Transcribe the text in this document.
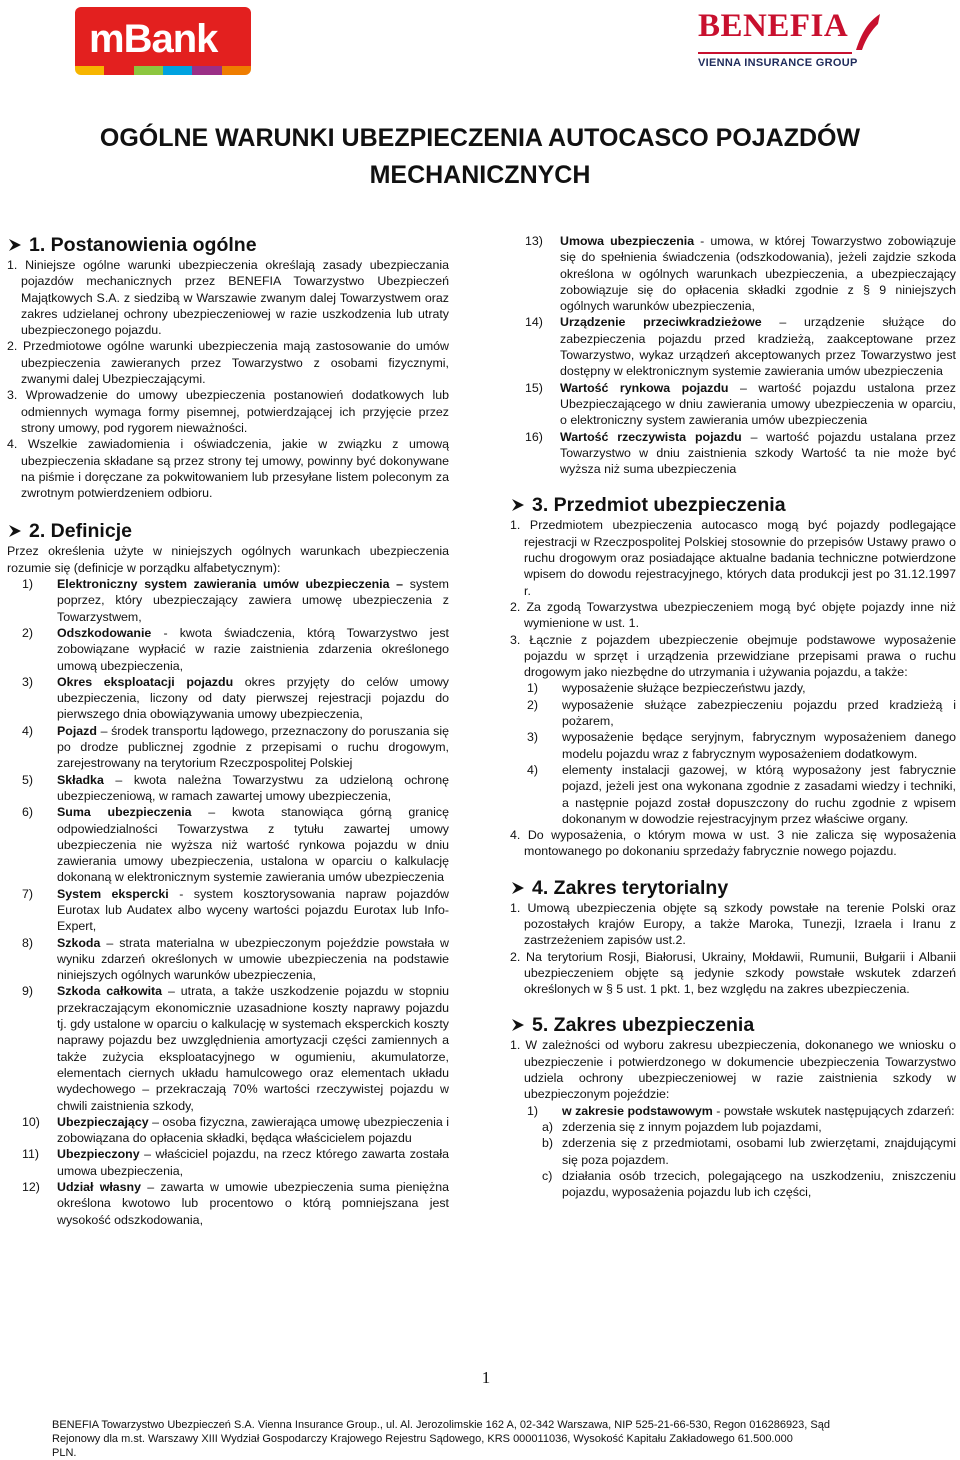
mBank	BENEFIA
VIENNA INSURANCE GROUP
OGÓLNE WARUNKI UBEZPIECZENIA AUTOCASCO POJAZDÓW
MECHANICZNYCH
1. Postanowienia ogólne

1. Niniejsze ogólne warunki ubezpieczenia określają zasady ubezpieczania pojazdów mechanicznych przez BENEFIA Towarzystwo Ubezpieczeń Majątkowych S.A. z siedzibą w Warszawie zwanym dalej Towarzystwem oraz zakres udzielanej ochrony ubezpieczeniowej w razie uszkodzenia lub utraty ubezpieczonego pojazdu.

2. Przedmiotowe ogólne warunki ubezpieczenia mają zastosowanie do umów ubezpieczenia zawieranych przez Towarzystwo z osobami fizycznymi, zwanymi dalej Ubezpieczającymi.

3. Wprowadzenie do umowy ubezpieczenia postanowień dodatkowych lub odmiennych wymaga formy pisemnej, potwierdzającej ich przyjęcie przez strony umowy, pod rygorem nieważności.

4. Wszelkie zawiadomienia i oświadczenia, jakie w związku z umową ubezpieczenia składane są przez strony tej umowy, powinny być dokonywane na piśmie i doręczane za pokwitowaniem lub przesyłane listem poleconym za zwrotnym potwierdzeniem odbioru.

2. Definicje

Przez określenia użyte w niniejszych ogólnych warunkach ubezpieczenia rozumie się (definicje w porządku alfabetycznym):

1) Elektroniczny system zawierania umów ubezpieczenia – system poprzez, który ubezpieczający zawiera umowę ubezpieczenia z Towarzystwem,

2) Odszkodowanie - kwota świadczenia, którą Towarzystwo jest zobowiązane wypłacić w razie zaistnienia zdarzenia określonego umową ubezpieczenia,

3) Okres eksploatacji pojazdu okres przyjęty do celów umowy ubezpieczenia, liczony od daty pierwszej rejestracji pojazdu do pierwszego dnia obowiązywania umowy ubezpieczenia,

4) Pojazd – środek transportu lądowego, przeznaczony do poruszania się po drodze publicznej zgodnie z przepisami o ruchu drogowym, zarejestrowany na terytorium Rzeczpospolitej Polskiej

5) Składka – kwota należna Towarzystwu za udzieloną ochronę ubezpieczeniową, w ramach zawartej umowy ubezpieczenia,

6) Suma ubezpieczenia – kwota stanowiąca górną granicę odpowiedzialności Towarzystwa z tytułu zawartej umowy ubezpieczenia nie wyższa niż wartość rynkowa pojazdu w dniu zawierania umowy ubezpieczenia, ustalona w oparciu o kalkulację dokonaną w elektronicznym systemie zawierania umów ubezpieczenia

7) System ekspercki - system kosztorysowania napraw pojazdów Eurotax lub Audatex albo wyceny wartości pojazdu Eurotax lub Info-Expert,

8) Szkoda – strata materialna w ubezpieczonym pojeździe powstała w wyniku zdarzeń określonych w umowie ubezpieczenia na podstawie niniejszych ogólnych warunków ubezpieczenia,

9) Szkoda całkowita – utrata, a także uszkodzenie pojazdu w stopniu przekraczającym ekonomicznie uzasadnione koszty naprawy pojazdu tj. gdy ustalone w oparciu o kalkulację w systemach eksperckich koszty naprawy pojazdu bez uwzględnienia amortyzacji części zamiennych a także zużycia eksploatacyjnego w ogumieniu, akumulatorze, elementach ciernych układu hamulcowego oraz elementach układu wydechowego – przekraczają 70% wartości rzeczywistej pojazdu w chwili zaistnienia szkody,

10) Ubezpieczający – osoba fizyczna, zawierająca umowę ubezpieczenia i zobowiązana do opłacenia składki, będąca właścicielem pojazdu

11) Ubezpieczony – właściciel pojazdu, na rzecz którego zawarta została umowa ubezpieczenia,

12) Udział własny – zawarta w umowie ubezpieczenia suma pieniężna określona kwotowo lub procentowo o którą pomniejszana jest wysokość odszkodowania,

13) Umowa ubezpieczenia - umowa, w której Towarzystwo zobowiązuje się do spełnienia świadczenia (odszkodowania), jeżeli zajdzie szkoda określona w ogólnych warunkach ubezpieczenia, a ubezpieczający zobowiązuje się do opłacenia składki zgodnie z § 9 niniejszych ogólnych warunków ubezpieczenia,

14) Urządzenie przeciwkradzieżowe – urządzenie służące do zabezpieczenia pojazdu przed kradzieżą, zaakceptowane przez Towarzystwo, wykaz urządzeń akceptowanych przez Towarzystwo jest dostępny w elektronicznym systemie zawierania umów ubezpieczenia

15) Wartość rynkowa pojazdu – wartość pojazdu ustalona przez Ubezpieczającego w dniu zawierania umowy ubezpieczenia w oparciu, o elektroniczny system zawierania umów ubezpieczenia

16) Wartość rzeczywista pojazdu – wartość pojazdu ustalana przez Towarzystwo w dniu zaistnienia szkody Wartość ta nie może być wyższa niż suma ubezpieczenia

3. Przedmiot ubezpieczenia

1. Przedmiotem ubezpieczenia autocasco mogą być pojazdy podlegające rejestracji w Rzeczpospolitej Polskiej stosownie do przepisów Ustawy prawo o ruchu drogowym oraz posiadające aktualne badania techniczne potwierdzone wpisem do dowodu rejestracyjnego, których data produkcji jest po 31.12.1997 r.

2. Za zgodą Towarzystwa ubezpieczeniem mogą być objęte pojazdy inne niż wymienione w ust. 1.

3. Łącznie z pojazdem ubezpieczenie obejmuje podstawowe wyposażenie pojazdu w sprzęt i urządzenia przewidziane przepisami prawa o ruchu drogowym jako niezbędne do utrzymania i używania pojazdu, a także:

1) wyposażenie służące bezpieczeństwu jazdy,

2) wyposażenie służące zabezpieczeniu pojazdu przed kradzieżą i pożarem,

3) wyposażenie będące seryjnym, fabrycznym wyposażeniem danego modelu pojazdu wraz z fabrycznym wyposażeniem dodatkowym.

4) elementy instalacji gazowej, w którą wyposażony jest fabrycznie pojazd, jeżeli jest ona wykonana zgodnie z zasadami wiedzy i techniki, a następnie pojazd został dopuszczony do ruchu zgodnie z wpisem dokonanym w dowodzie rejestracyjnym przez właściwe organy.

4. Do wyposażenia, o którym mowa w ust. 3 nie zalicza się wyposażenia montowanego po dokonaniu sprzedaży fabrycznie nowego pojazdu.

4. Zakres terytorialny

1. Umową ubezpieczenia objęte są szkody powstałe na terenie Polski oraz pozostałych krajów Europy, a także Maroka, Tunezji, Izraela i Iranu z zastrzeżeniem zapisów ust.2.

2. Na terytorium Rosji, Białorusi, Ukrainy, Mołdawii, Rumunii, Bułgarii i Albanii ubezpieczeniem objęte są jedynie szkody powstałe wskutek zdarzeń określonych w § 5 ust. 1 pkt. 1, bez względu na zakres ubezpieczenia.

5. Zakres ubezpieczenia

1. W zależności od wyboru zakresu ubezpieczenia, dokonanego we wniosku o ubezpieczenie i potwierdzonego w dokumencie ubezpieczenia Towarzystwo udziela ochrony ubezpieczeniowej w razie zaistnienia szkody w ubezpieczonym pojeździe:

1) w zakresie podstawowym - powstałe wskutek następujących zdarzeń:

a) zderzenia się z innym pojazdem lub pojazdami,

b) zderzenia się z przedmiotami, osobami lub zwierzętami, znajdującymi się poza pojazdem.

c) działania osób trzecich, polegającego na uszkodzeniu, zniszczeniu pojazdu, wyposażenia pojazdu lub ich części,

1
BENEFIA Towarzystwo Ubezpieczeń S.A. Vienna Insurance Group., ul. Al. Jerozolimskie 162 A, 02-342 Warszawa, NIP 525-21-66-530, Regon 016286923, Sąd
Rejonowy dla m.st. Warszawy XIII Wydział Gospodarczy Krajowego Rejestru Sądowego, KRS 000011036, Wysokość Kapitału Zakładowego 61.500.000
PLN.
